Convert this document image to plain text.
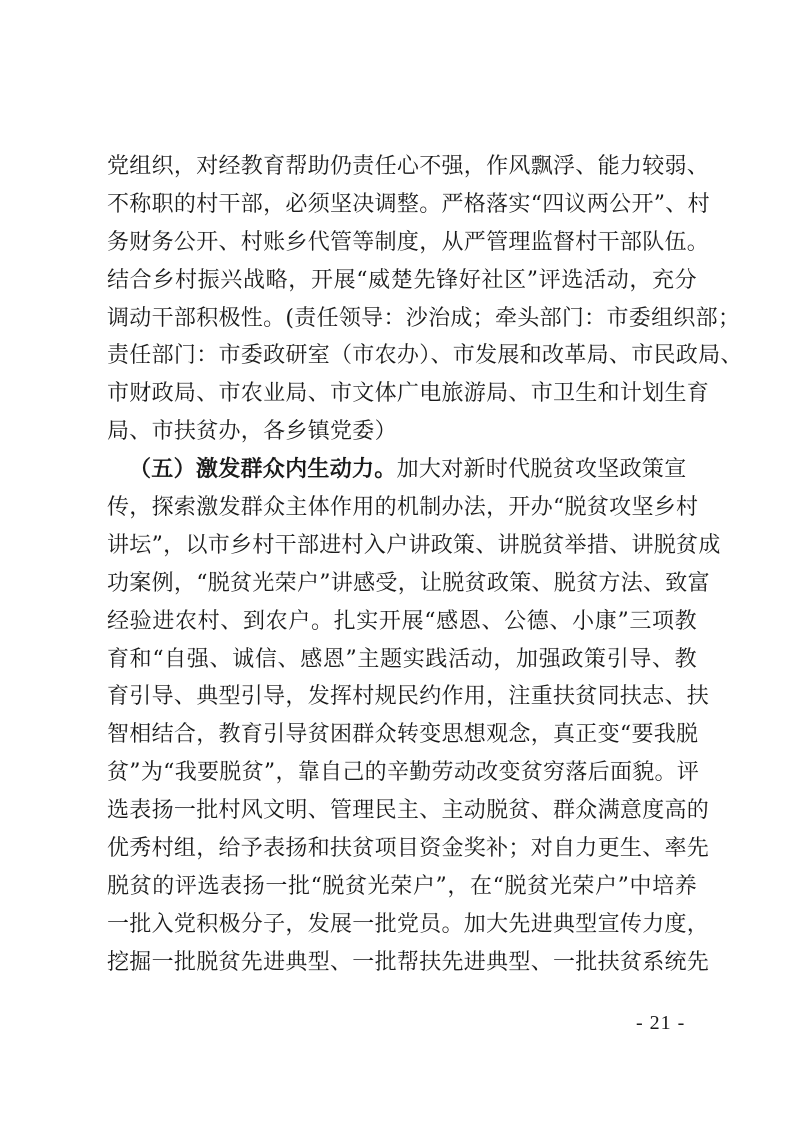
党组织，对经教育帮助仍责任心不强，作风飘浮、能力较弱、
不称职的村干部，必须坚决调整。严格落实“四议两公开”、村
务财务公开、村账乡代管等制度，从严管理监督村干部队伍。
结合乡村振兴战略，开展“威楚先锋好社区”评选活动，充分
调动干部积极性。(责任领导：沙治成；牵头部门：市委组织部；
责任部门：市委政研室（市农办）、市发展和改革局、市民政局、
市财政局、市农业局、市文体广电旅游局、市卫生和计划生育
局、市扶贫办，各乡镇党委）
（五）激发群众内生动力。加大对新时代脱贫攻坚政策宣
传，探索激发群众主体作用的机制办法，开办“脱贫攻坚乡村
讲坛”，以市乡村干部进村入户讲政策、讲脱贫举措、讲脱贫成
功案例，“脱贫光荣户”讲感受，让脱贫政策、脱贫方法、致富
经验进农村、到农户。扎实开展“感恩、公德、小康”三项教
育和“自强、诚信、感恩”主题实践活动，加强政策引导、教
育引导、典型引导，发挥村规民约作用，注重扶贫同扶志、扶
智相结合，教育引导贫困群众转变思想观念，真正变“要我脱
贫”为“我要脱贫”，靠自己的辛勤劳动改变贫穷落后面貌。评
选表扬一批村风文明、管理民主、主动脱贫、群众满意度高的
优秀村组，给予表扬和扶贫项目资金奖补；对自力更生、率先
脱贫的评选表扬一批“脱贫光荣户”，在“脱贫光荣户”中培养
一批入党积极分子，发展一批党员。加大先进典型宣传力度，
挖掘一批脱贫先进典型、一批帮扶先进典型、一批扶贫系统先
- 21 -
